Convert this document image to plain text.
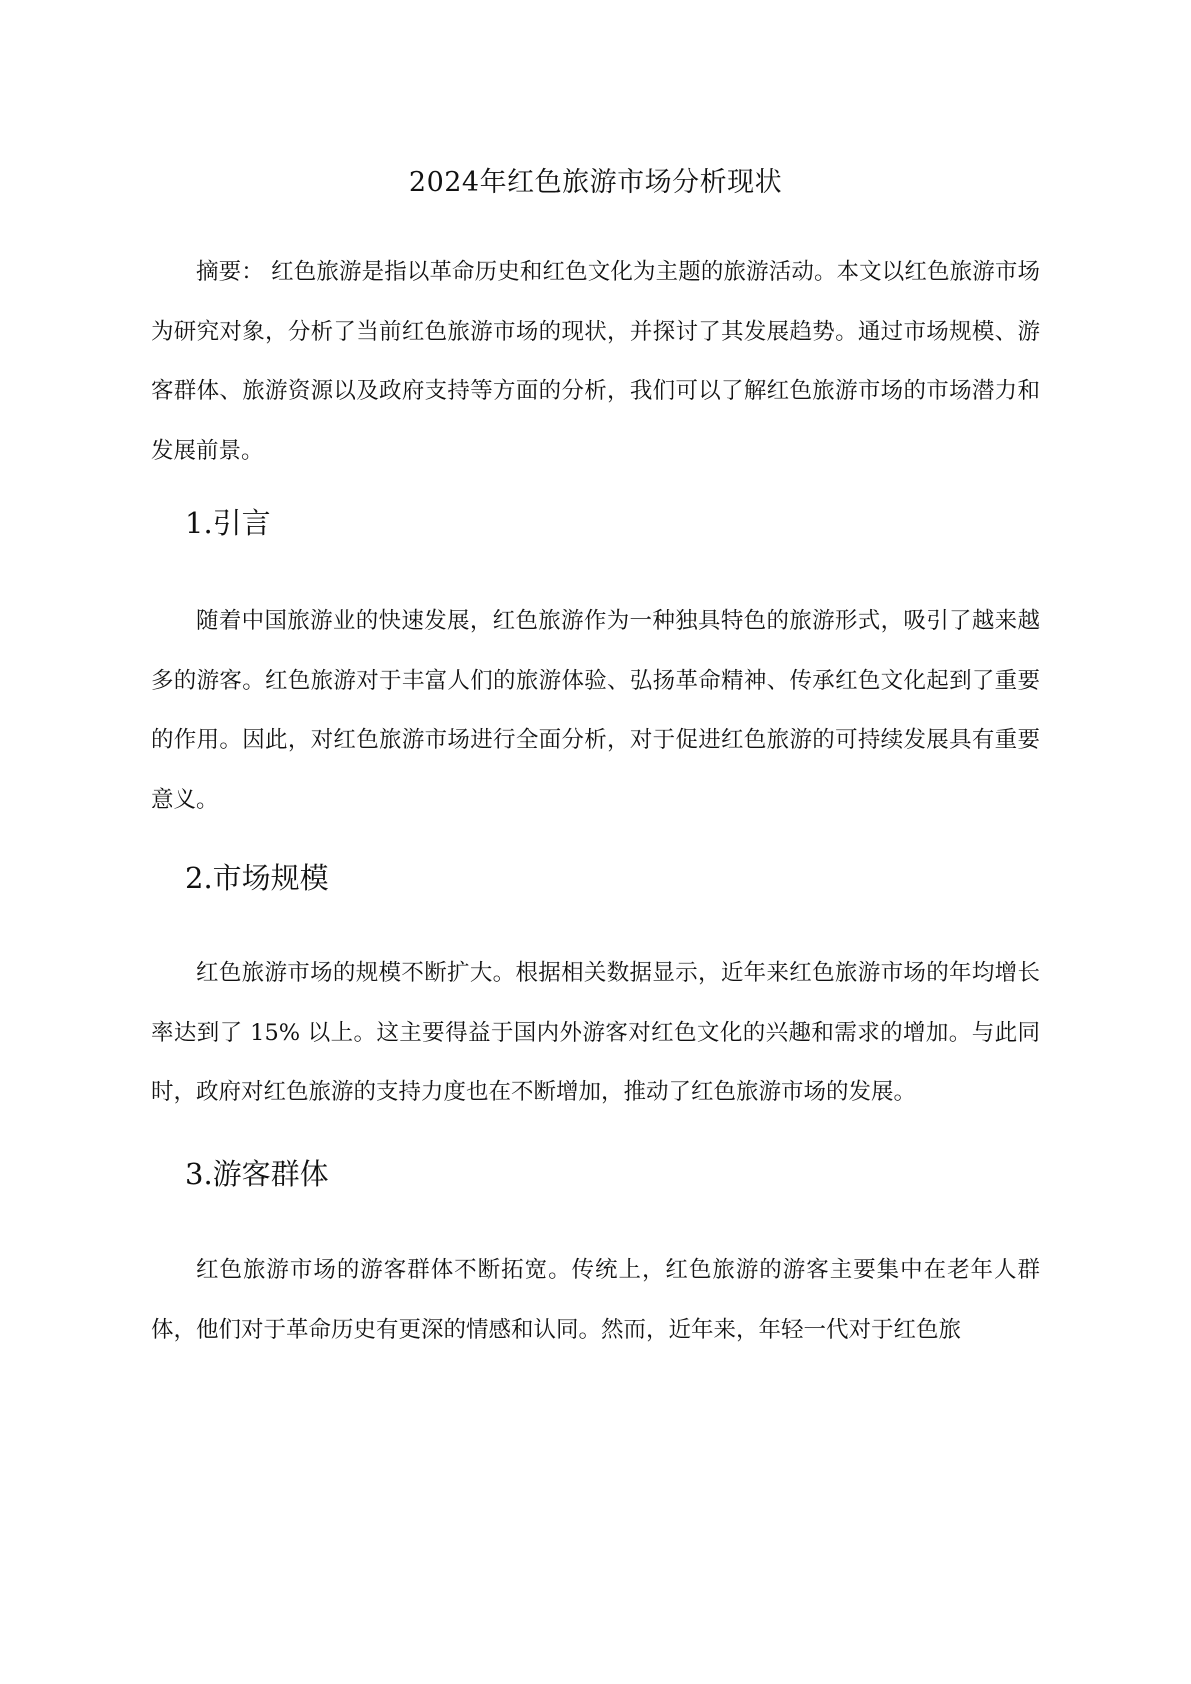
2024年红色旅游市场分析现状

摘要： 红色旅游是指以革命历史和红色文化为主题的旅游活动。本文以红色旅游市场为研究对象，分析了当前红色旅游市场的现状，并探讨了其发展趋势。通过市场规模、游客群体、旅游资源以及政府支持等方面的分析，我们可以了解红色旅游市场的市场潜力和发展前景。

1.引言

随着中国旅游业的快速发展，红色旅游作为一种独具特色的旅游形式，吸引了越来越多的游客。红色旅游对于丰富人们的旅游体验、弘扬革命精神、传承红色文化起到了重要的作用。因此，对红色旅游市场进行全面分析，对于促进红色旅游的可持续发展具有重要意义。

2.市场规模

红色旅游市场的规模不断扩大。根据相关数据显示，近年来红色旅游市场的年均增长率达到了 15% 以上。这主要得益于国内外游客对红色文化的兴趣和需求的增加。与此同时，政府对红色旅游的支持力度也在不断增加，推动了红色旅游市场的发展。

3.游客群体

红色旅游市场的游客群体不断拓宽。传统上，红色旅游的游客主要集中在老年人群体，他们对于革命历史有更深的情感和认同。然而，近年来，年轻一代对于红色旅
